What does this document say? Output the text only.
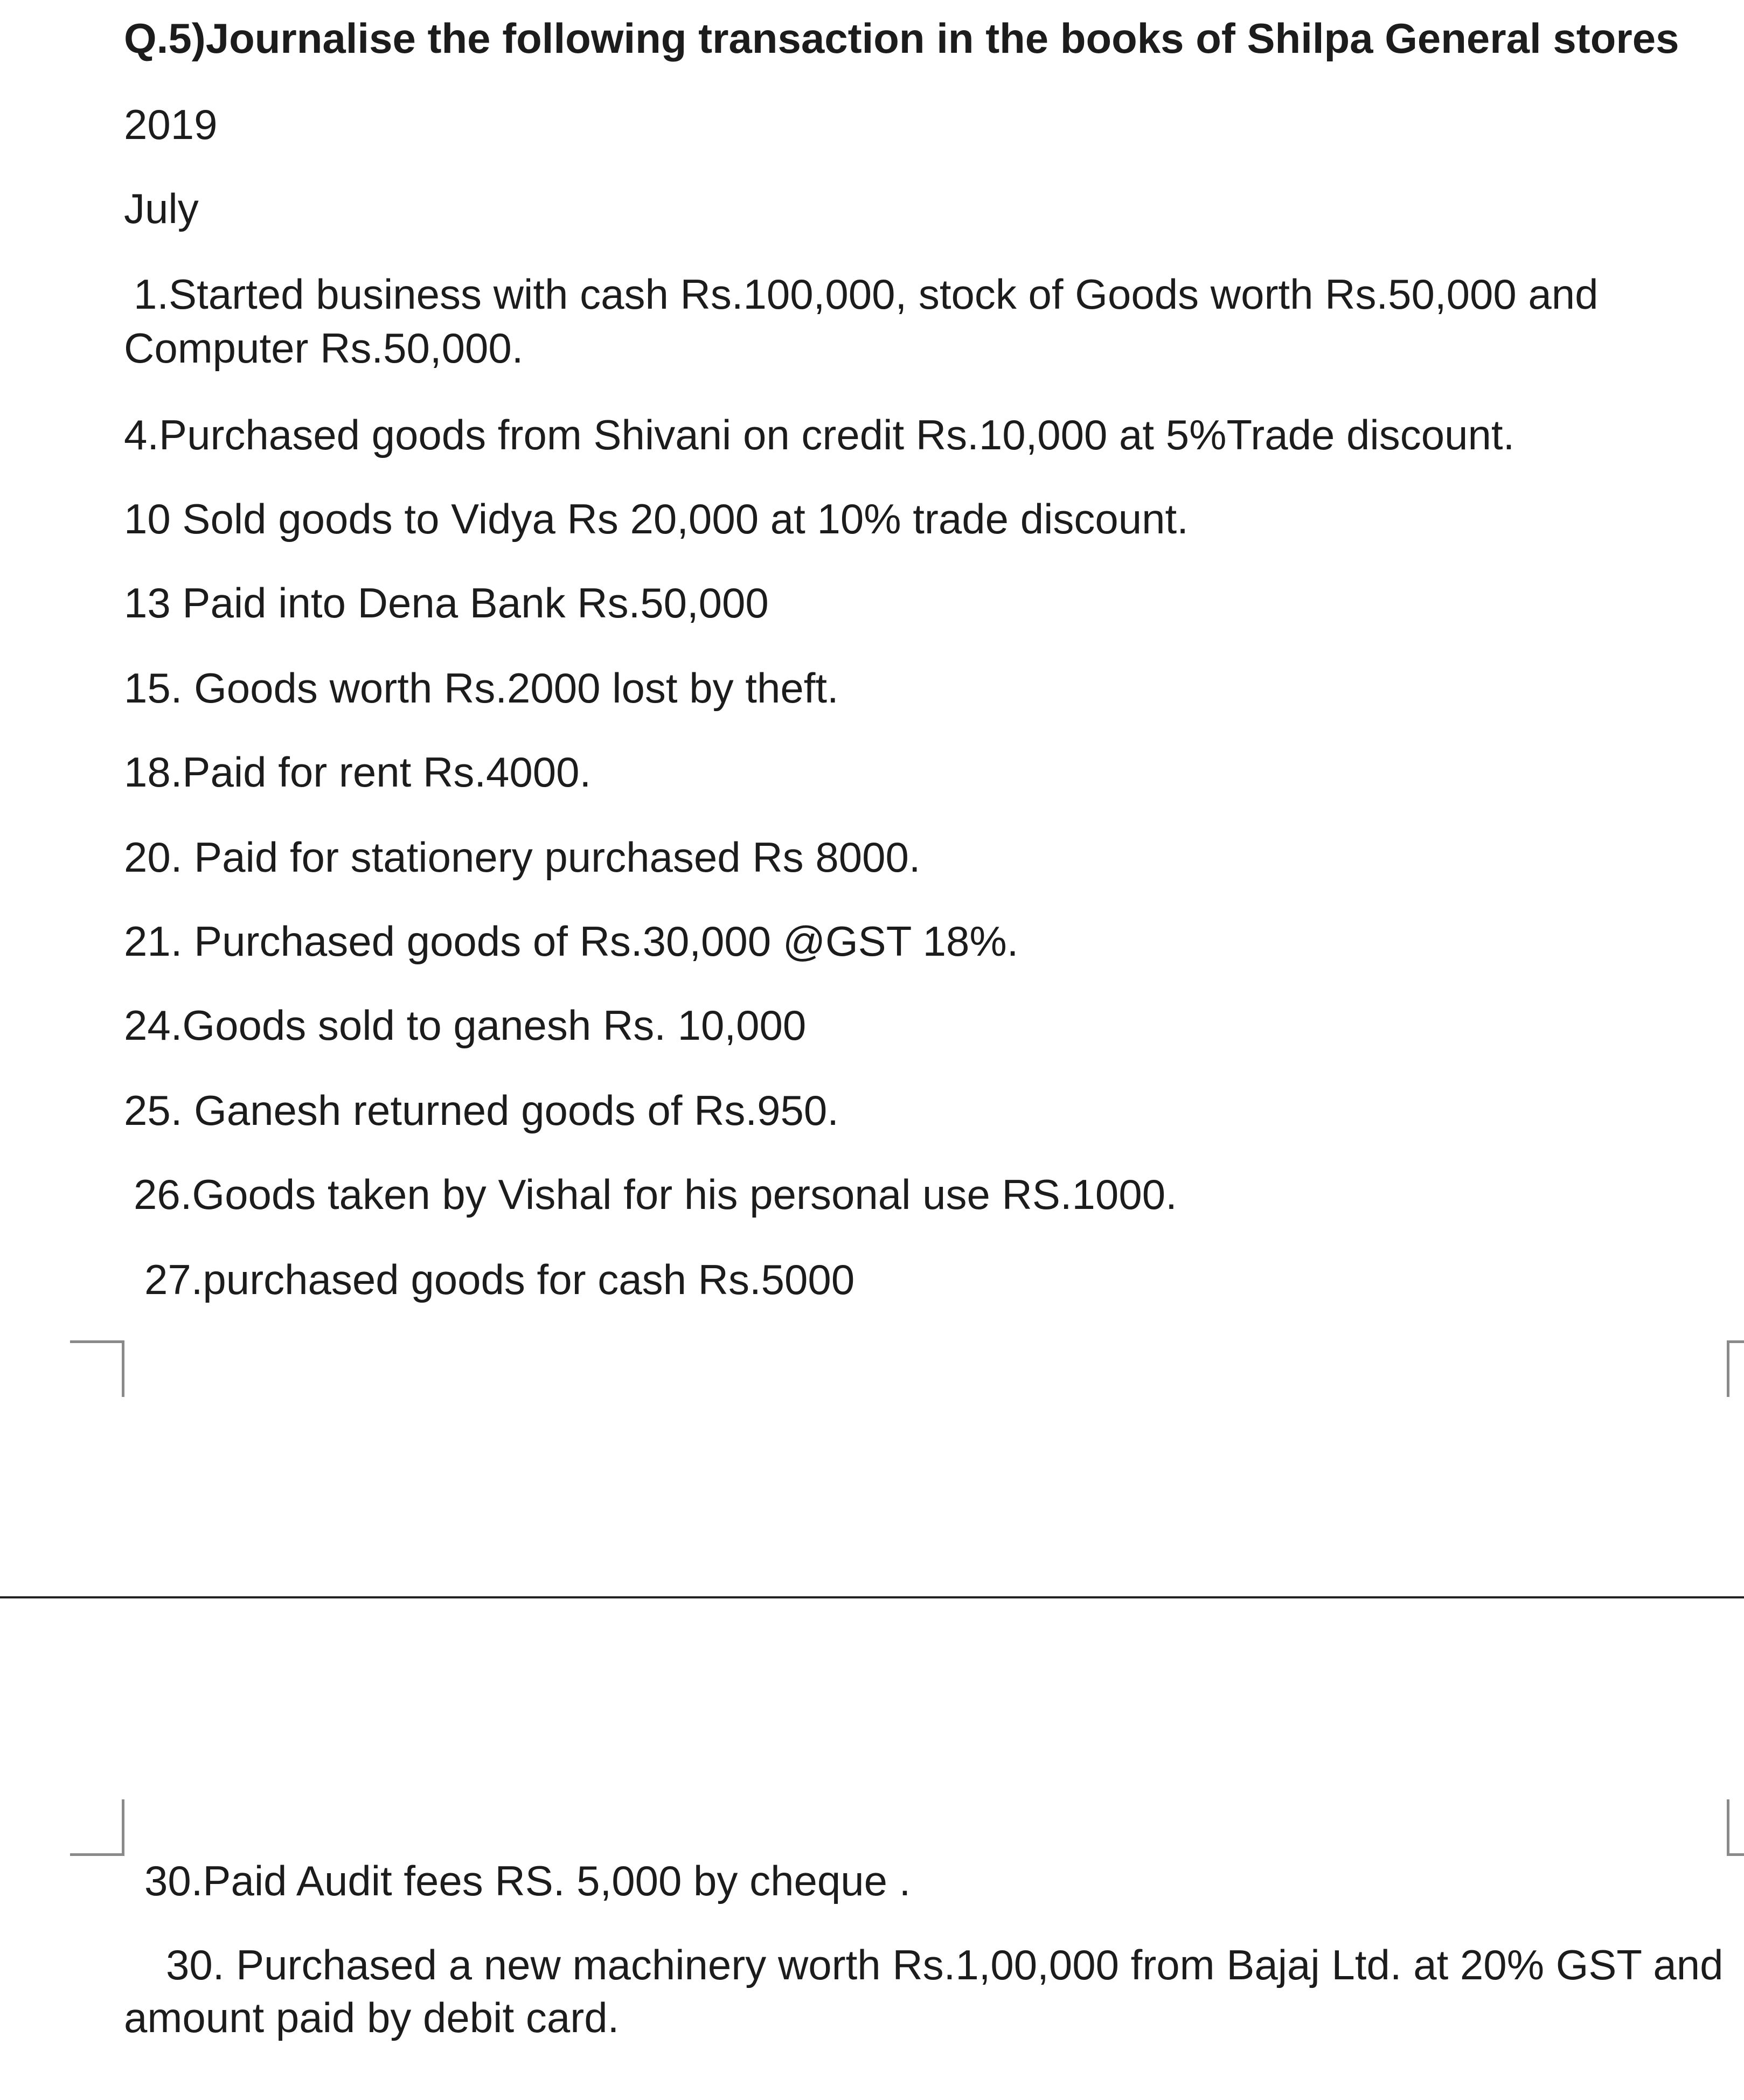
Q.5)Journalise the following transaction in the books of Shilpa General stores
2019
July
1.Started business with cash Rs.100,000, stock of Goods worth Rs.50,000 and
Computer Rs.50,000.
4.Purchased goods from Shivani on credit Rs.10,000 at 5%Trade discount.
10 Sold goods to Vidya Rs 20,000 at 10% trade discount.
13 Paid into Dena Bank Rs.50,000
15. Goods worth Rs.2000 lost by theft.
18.Paid for rent Rs.4000.
20. Paid for stationery purchased Rs 8000.
21. Purchased goods of Rs.30,000 @GST 18%.
24.Goods sold to ganesh Rs. 10,000
25. Ganesh returned goods of Rs.950.
26.Goods taken by Vishal for his personal use RS.1000.
27.purchased goods for cash Rs.5000
30.Paid Audit fees RS. 5,000 by cheque .
30. Purchased a new machinery worth Rs.1,00,000 from Bajaj Ltd. at 20% GST and
amount paid by debit card.
